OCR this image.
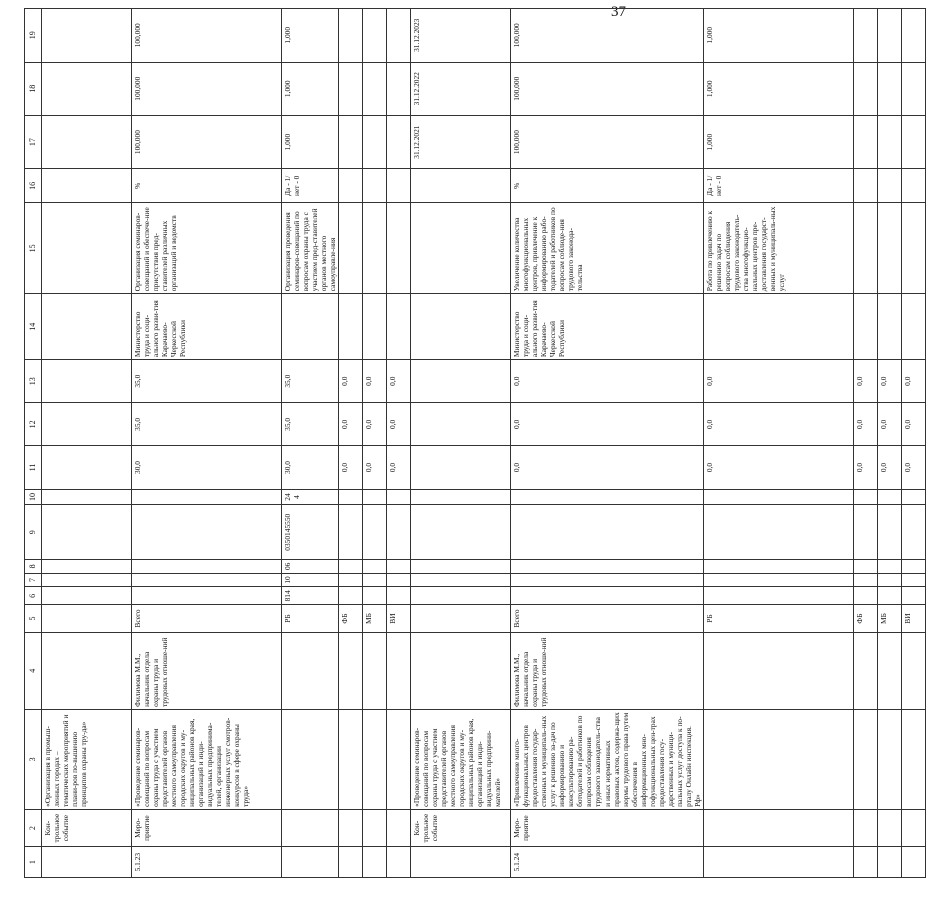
37
1	2	3	4	5	6	7	8	9	10	11	12	13	14	15	16	17	18	19
	Кон-трольное событие	«Организация в промыш-ленных городах – тематических мероприятий и плани-ров по-вышению принципов охраны тру-да»																
5.1.23	Меро-приятие	«Проведение семинаров-совещаний по вопросам охраны труда с участием представителей органов местного самоуправления городских округов и му-ниципальных районов края, организаций и инди-видуальных предпринима-телей, организации инженерных услуг смотров-конкурсов в сфере охраны труда»	Филимова М.М., начальник отдела охраны труда и трудовых отноше-ний	Всего						30,0	35,0	35,0	Министерство труда и соци-ального разви-тия Карачаево-Черкесской Республики	Организация семинаров-совещаний и обеспече-ние присутствия пред-ставителей различных организаций и ведомств	%	100,000	100,000	100,000
				РБ	814	10	06	0350145550	244	30,0	35,0	35,0		Организация проведения семинаров-совещаний по вопросам охраны труда с участием пред-ставителей органов местного самоуправле-ния	Да - 1/ нет - 0	1,000	1,000	1,000
				ФБ						0,0	0,0	0,0						
				МБ						0,0	0,0	0,0						
				ВИ						0,0	0,0	0,0						
	Кон-трольное событие	«Проведение семинаров-совещаний по вопросам охраны труда с участием представителей органов местного самоуправления городских округов и му-ниципальных районов края, организаций и инди-видуальных предприни-мателей»														31.12.2021	31.12.2022	31.12.2023
5.1.24	Меро-приятие	«Привлечение много-функциональных центров предоставления государ-ственных и муниципаль-ных услуг к решению за-дач по информированию и консультированию ра-ботодателей и работников по вопросам соблюдения трудового законодатель-ства и иных нормативных правовых актов, содержа-щих нормы трудового права путем обеспечения в информационных мно-гофункциональных цен-трах предоставления госу-дарственных и муници-пальных услуг доступа к по-рталу Онлайн инспекция. Рф»	Филимова М.М., начальник отдела охраны труда и трудовых отноше-ний	Всего						0,0	0,0	0,0	Министерство труда и соци-ального разви-тия Карачаево-Черкесской Республики	Увеличение количества многофункциональных центров, привлечение к информированию рабо-тодателей и работников по вопросам соблюде-ния трудового законода-тельства	%	100,000	100,000	100,000
				РБ						0,0	0,0	0,0		Работа по привлечению к решению задач по вопросам соблюдения трудового законодатель-ства многофункцио-нальных центров пре-доставления государст-венных и муниципаль-ных услуг	Да - 1/ нет - 0	1,000	1,000	1,000
				ФБ						0,0	0,0	0,0						
				МБ						0,0	0,0	0,0						
				ВИ						0,0	0,0	0,0						
